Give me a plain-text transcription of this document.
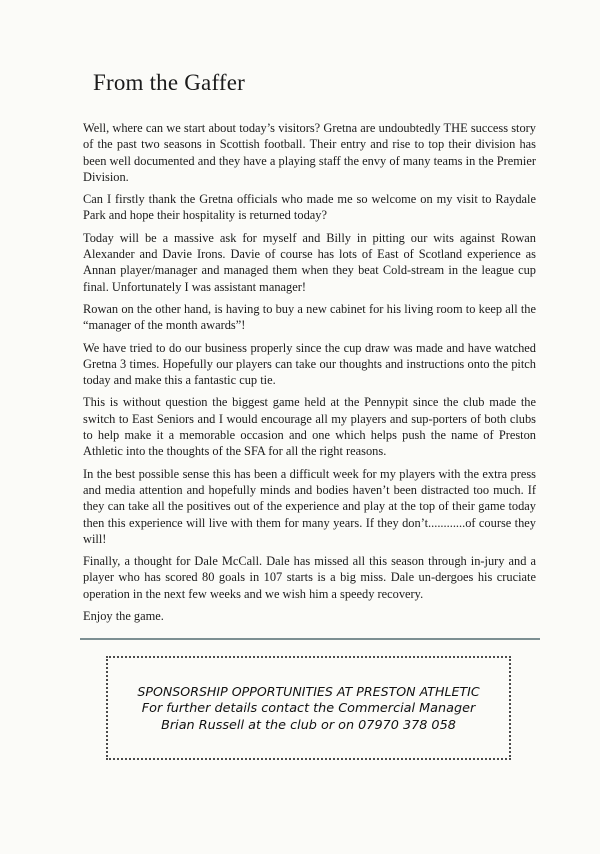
From the Gaffer

Well, where can we start about today’s visitors? Gretna are undoubtedly THE success story of the past two seasons in Scottish football. Their entry and rise to top their division has been well documented and they have a playing staff the envy of many teams in the Premier Division.

Can I firstly thank the Gretna officials who made me so welcome on my visit to Raydale Park and hope their hospitality is returned today?

Today will be a massive ask for myself and Billy in pitting our wits against Rowan Alexander and Davie Irons. Davie of course has lots of East of Scotland experience as Annan player/manager and managed them when they beat Cold-stream in the league cup final. Unfortunately I was assistant manager!

Rowan on the other hand, is having to buy a new cabinet for his living room to keep all the “manager of the month awards”!

We have tried to do our business properly since the cup draw was made and have watched Gretna 3 times. Hopefully our players can take our thoughts and instructions onto the pitch today and make this a fantastic cup tie.

This is without question the biggest game held at the Pennypit since the club made the switch to East Seniors and I would encourage all my players and sup-porters of both clubs to help make it a memorable occasion and one which helps push the name of Preston Athletic into the thoughts of the SFA for all the right reasons.

In the best possible sense this has been a difficult week for my players with the extra press and media attention and hopefully minds and bodies haven’t been distracted too much. If they can take all the positives out of the experience and play at the top of their game today then this experience will live with them for many years. If they don’t............of course they will!

Finally, a thought for Dale McCall. Dale has missed all this season through in-jury and a player who has scored 80 goals in 107 starts is a big miss. Dale un-dergoes his cruciate operation in the next few weeks and we wish him a speedy recovery.

Enjoy the game.

SPONSORSHIP OPPORTUNITIES AT PRESTON ATHLETIC
For further details contact the Commercial Manager
Brian Russell at the club or on 07970 378 058
